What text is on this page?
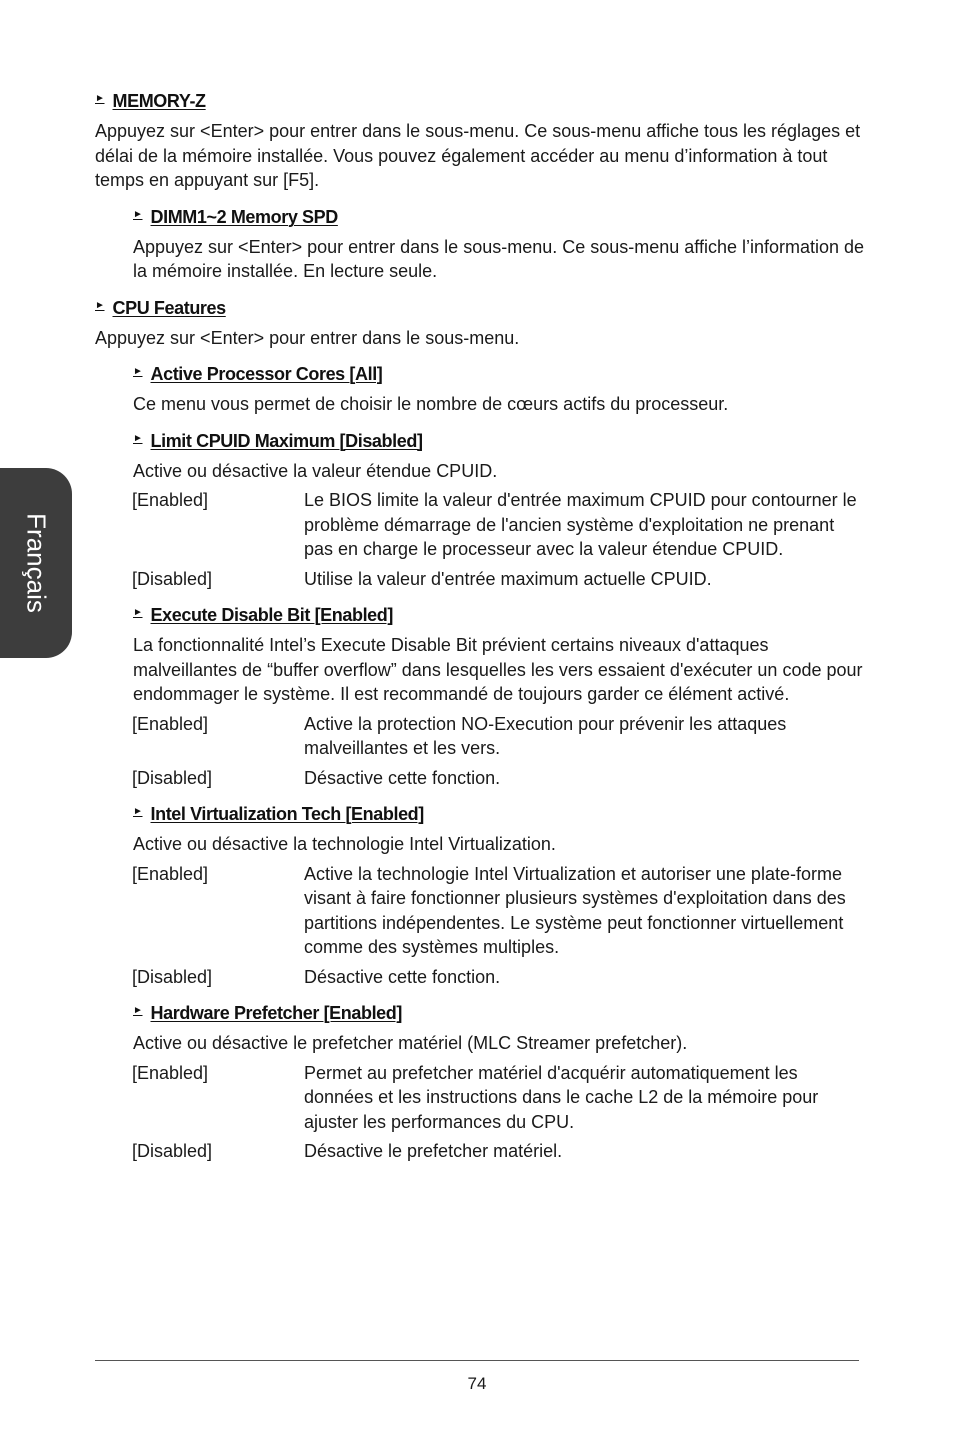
Français
► MEMORY-Z

Appuyez sur <Enter> pour entrer dans le sous-menu. Ce sous-menu affiche tous les réglages et délai de la mémoire installée. Vous pouvez également accéder au menu d’information à tout temps en appuyant sur [F5].

► DIMM1~2 Memory SPD

Appuyez sur <Enter> pour entrer dans le sous-menu. Ce sous-menu affiche l’information de la mémoire installée. En lecture seule.

► CPU Features

Appuyez sur <Enter> pour entrer dans le sous-menu.

► Active Processor Cores [All]

Ce menu vous permet de choisir le nombre de cœurs actifs du processeur.

► Limit CPUID Maximum [Disabled]

Active ou désactive la valeur étendue CPUID.

[Enabled]	Le BIOS limite la valeur d'entrée maximum CPUID pour contourner le problème démarrage de l'ancien système d'exploitation ne prenant pas en charge le processeur avec la valeur étendue CPUID.
[Disabled]	Utilise la valeur d'entrée maximum actuelle CPUID.
► Execute Disable Bit [Enabled]

La fonctionnalité Intel’s Execute Disable Bit prévient certains niveaux d'attaques malveillantes de “buffer overflow” dans lesquelles les vers essaient d'exécuter un code pour endommager le système. Il est recommandé de toujours garder ce élément activé.

[Enabled]	Active la protection NO-Execution pour prévenir les attaques malveillantes et les vers.
[Disabled]	Désactive cette fonction.
► Intel Virtualization Tech [Enabled]

Active ou désactive la technologie Intel Virtualization.

[Enabled]	Active la technologie Intel Virtualization et autoriser une plate-forme visant à faire fonctionner plusieurs systèmes d'exploitation dans des partitions indépendentes. Le système peut fonctionner virtuellement comme des systèmes multiples.
[Disabled]	Désactive cette fonction.
► Hardware Prefetcher [Enabled]

Active ou désactive le prefetcher matériel (MLC Streamer prefetcher).

[Enabled]	Permet au prefetcher matériel d'acquérir automatiquement les données et les instructions dans le cache L2 de la mémoire pour ajuster les performances du CPU.
[Disabled]	Désactive le prefetcher matériel.
74
